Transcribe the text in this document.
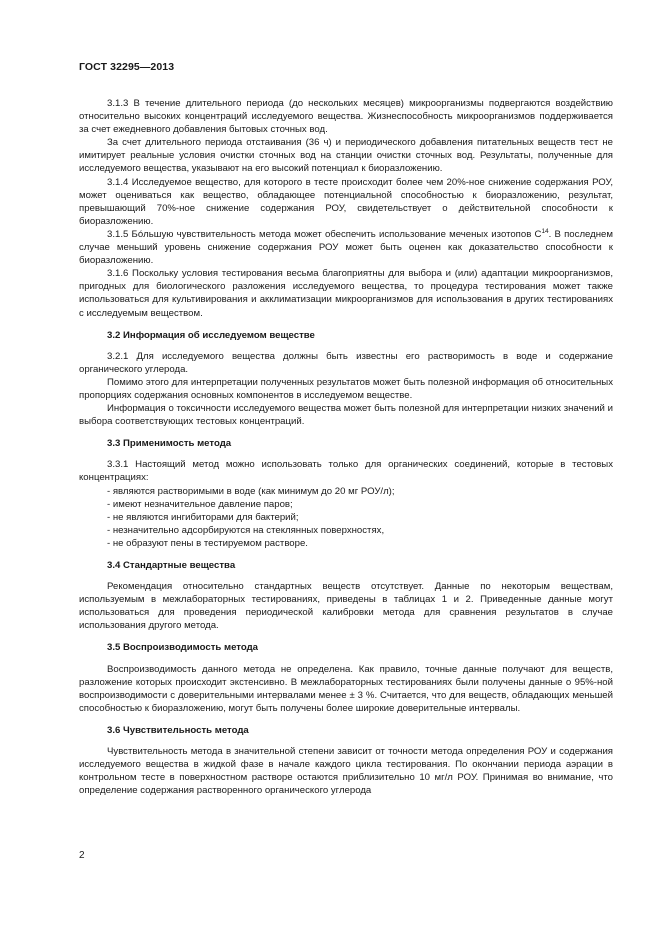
ГОСТ 32295—2013

3.1.3 В течение длительного периода (до нескольких месяцев) микроорганизмы подвергаются воздействию относительно высоких концентраций исследуемого вещества. Жизнеспособность микроорганизмов поддерживается за счет ежедневного добавления бытовых сточных вод.

За счет длительного периода отстаивания (36 ч) и периодического добавления питательных веществ тест не имитирует реальные условия очистки сточных вод на станции очистки сточных вод. Результаты, полученные для исследуемого вещества, указывают на его высокий потенциал к биоразложению.

3.1.4 Исследуемое вещество, для которого в тесте происходит более чем 20%-ное снижение содержания РОУ, может оцениваться как вещество, обладающее потенциальной способностью к биоразложению, результат, превышающий 70%-ное снижение содержания РОУ, свидетельствует о действительной способности к биоразложению.

3.1.5 Бóльшую чувствительность метода может обеспечить использование меченых изотопов $C^{14}$. В последнем случае меньший уровень снижение содержания РОУ может быть оценен как доказательство способности к биоразложению.

3.1.6 Поскольку условия тестирования весьма благоприятны для выбора и (или) адаптации микроорганизмов, пригодных для биологического разложения исследуемого вещества, то процедура тестирования может также использоваться для культивирования и акклиматизации микроорганизмов для использования в других тестированиях с исследуемым веществом.

3.2 Информация об исследуемом веществе

3.2.1 Для исследуемого вещества должны быть известны его растворимость в воде и содержание органического углерода.

Помимо этого для интерпретации полученных результатов может быть полезной информация об относительных пропорциях содержания основных компонентов в исследуемом веществе.

Информация о токсичности исследуемого вещества может быть полезной для интерпретации низких значений и выбора соответствующих тестовых концентраций.

3.3 Применимость метода

3.3.1 Настоящий метод можно использовать только для органических соединений, которые в тестовых концентрациях:

- являются растворимыми в воде (как минимум до 20 мг РОУ/л);
- имеют незначительное давление паров;
- не являются ингибиторами для бактерий;
- незначительно адсорбируются на стеклянных поверхностях,
- не образуют пены в тестируемом растворе.
3.4 Стандартные вещества

Рекомендация относительно стандартных веществ отсутствует. Данные по некоторым веществам, используемым в межлабораторных тестированиях, приведены в таблицах 1 и 2. Приведенные данные могут использоваться для проведения периодической калибровки метода для сравнения результатов в случае использования другого метода.

3.5 Воспроизводимость метода

Воспроизводимость данного метода не определена. Как правило, точные данные получают для веществ, разложение которых происходит экстенсивно. В межлабораторных тестированиях были получены данные о 95%-ной воспроизводимости с доверительными интервалами менее ± 3 %. Считается, что для веществ, обладающих меньшей способностью к биоразложению, могут быть получены более широкие доверительные интервалы.

3.6 Чувствительность метода

Чувствительность метода в значительной степени зависит от точности метода определения РОУ и содержания исследуемого вещества в жидкой фазе в начале каждого цикла тестирования. По окончании периода аэрации в контрольном тесте в поверхностном растворе остаются приблизительно 10 мг/л РОУ. Принимая во внимание, что определение содержания растворенного органического углерода

2
